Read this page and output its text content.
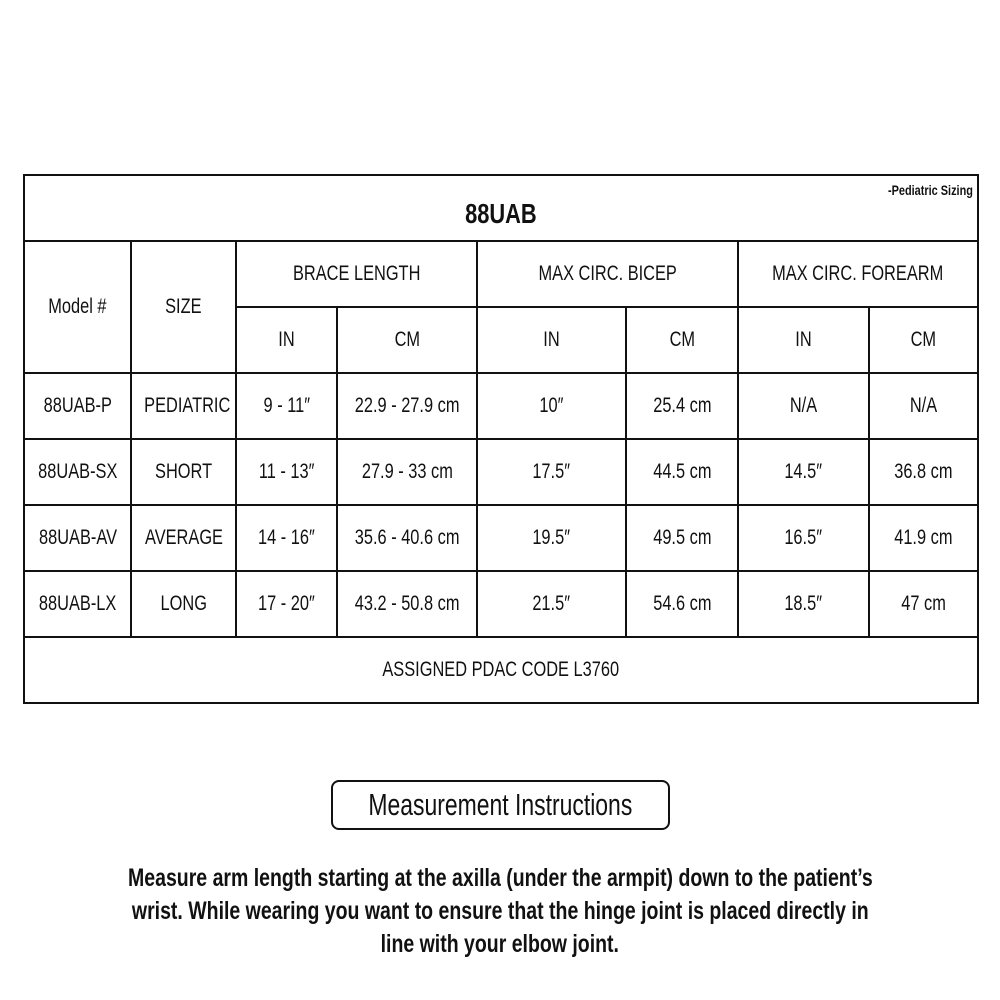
88UAB
-Pediatric Sizing							

Model #	SIZE	BRACE LENGTH		MAX CIRC. BICEP		MAX CIRC. FOREARM	
		IN	CM	IN	CM	IN	CM
88UAB-P	PEDIATRIC	9 - 11″	22.9 - 27.9 cm	10″	25.4 cm	N/A	N/A
88UAB-SX	SHORT	11 - 13″	27.9 - 33 cm	17.5″	44.5 cm	14.5″	36.8 cm
88UAB-AV	AVERAGE	14 - 16″	35.6 - 40.6 cm	19.5″	49.5 cm	16.5″	41.9 cm
88UAB-LX	LONG	17 - 20″	43.2 - 50.8 cm	21.5″	54.6 cm	18.5″	47 cm
ASSIGNED PDAC CODE L3760							
Measurement Instructions
Measure arm length starting at the axilla (under the armpit) down to the patient’s
wrist. While wearing you want to ensure that the hinge joint is placed directly in
line with your elbow joint.
